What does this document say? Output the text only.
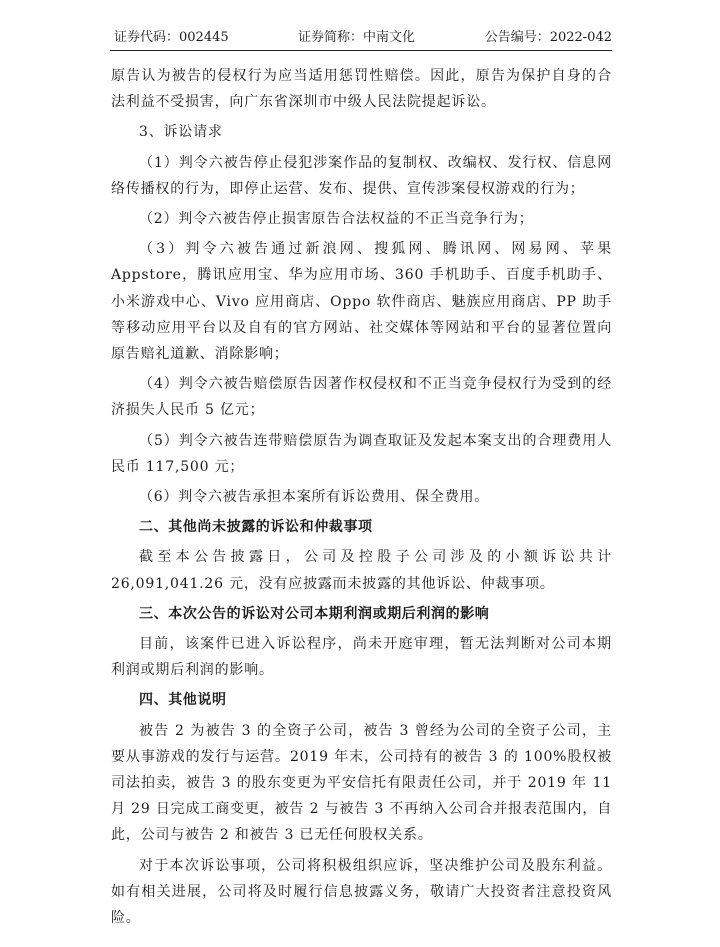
证券代码：002445	证券简称：中南文化	公告编号：2022-042

原告认为被告的侵权行为应当适用惩罚性赔偿。因此，原告为保护自身的合法利益不受损害，向广东省深圳市中级人民法院提起诉讼。

3、诉讼请求

（1）判令六被告停止侵犯涉案作品的复制权、改编权、发行权、信息网络传播权的行为，即停止运营、发布、提供、宣传涉案侵权游戏的行为；

（2）判令六被告停止损害原告合法权益的不正当竞争行为；

（3）判令六被告通过新浪网、搜狐网、腾讯网、网易网、苹果 Appstore，腾讯应用宝、华为应用市场、360 手机助手、百度手机助手、小米游戏中心、Vivo 应用商店、Oppo 软件商店、魅族应用商店、PP 助手等移动应用平台以及自有的官方网站、社交媒体等网站和平台的显著位置向原告赔礼道歉、消除影响；

（4）判令六被告赔偿原告因著作权侵权和不正当竞争侵权行为受到的经济损失人民币 5 亿元；

（5）判令六被告连带赔偿原告为调查取证及发起本案支出的合理费用人民币 117,500 元；

（6）判令六被告承担本案所有诉讼费用、保全费用。

二、其他尚未披露的诉讼和仲裁事项

截至本公告披露日，公司及控股子公司涉及的小额诉讼共计 26,091,041.26 元，没有应披露而未披露的其他诉讼、仲裁事项。

三、本次公告的诉讼对公司本期利润或期后利润的影响

目前，该案件已进入诉讼程序，尚未开庭审理，暂无法判断对公司本期利润或期后利润的影响。

四、其他说明

被告 2 为被告 3 的全资子公司，被告 3 曾经为公司的全资子公司，主要从事游戏的发行与运营。2019 年末，公司持有的被告 3 的 100%股权被司法拍卖，被告 3 的股东变更为平安信托有限责任公司，并于 2019 年 11 月 29 日完成工商变更，被告 2 与被告 3 不再纳入公司合并报表范围内，自此，公司与被告 2 和被告 3 已无任何股权关系。

对于本次诉讼事项，公司将积极组织应诉，坚决维护公司及股东利益。如有相关进展，公司将及时履行信息披露义务，敬请广大投资者注意投资风险。
